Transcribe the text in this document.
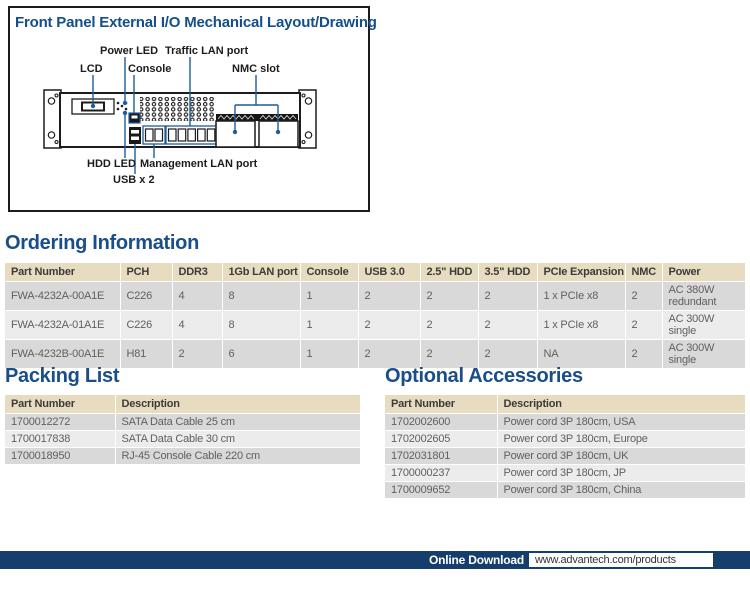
Front Panel External I/O Mechanical Layout/Drawing
Power LED Traffic LAN port
LCD Console	NMC slot
HDD LED Management LAN port
USB x 2
Ordering Information
Part Number	PCH	DDR3	1Gb LAN port	Console	USB 3.0	2.5" HDD	3.5" HDD	PCIe Expansion	NMC	Power
FWA-4232A-00A1E	C226	4	8	1	2	2	2	1 x PCIe x8	2	AC 380W redundant
FWA-4232A-01A1E	C226	4	8	1	2	2	2	1 x PCIe x8	2	AC 300W single
FWA-4232B-00A1E	H81	2	6	1	2	2	2	NA	2	AC 300W single
Packing List
Part Number	Description
1700012272	SATA Data Cable 25 cm
1700017838	SATA Data Cable 30 cm
1700018950	RJ-45 Console Cable 220 cm
Optional Accessories
Part Number	Description
1702002600	Power cord 3P 180cm, USA
1702002605	Power cord 3P 180cm, Europe
1702031801	Power cord 3P 180cm, UK
1700000237	Power cord 3P 180cm, JP
1700009652	Power cord 3P 180cm, China
Online Download www.advantech.com/products
